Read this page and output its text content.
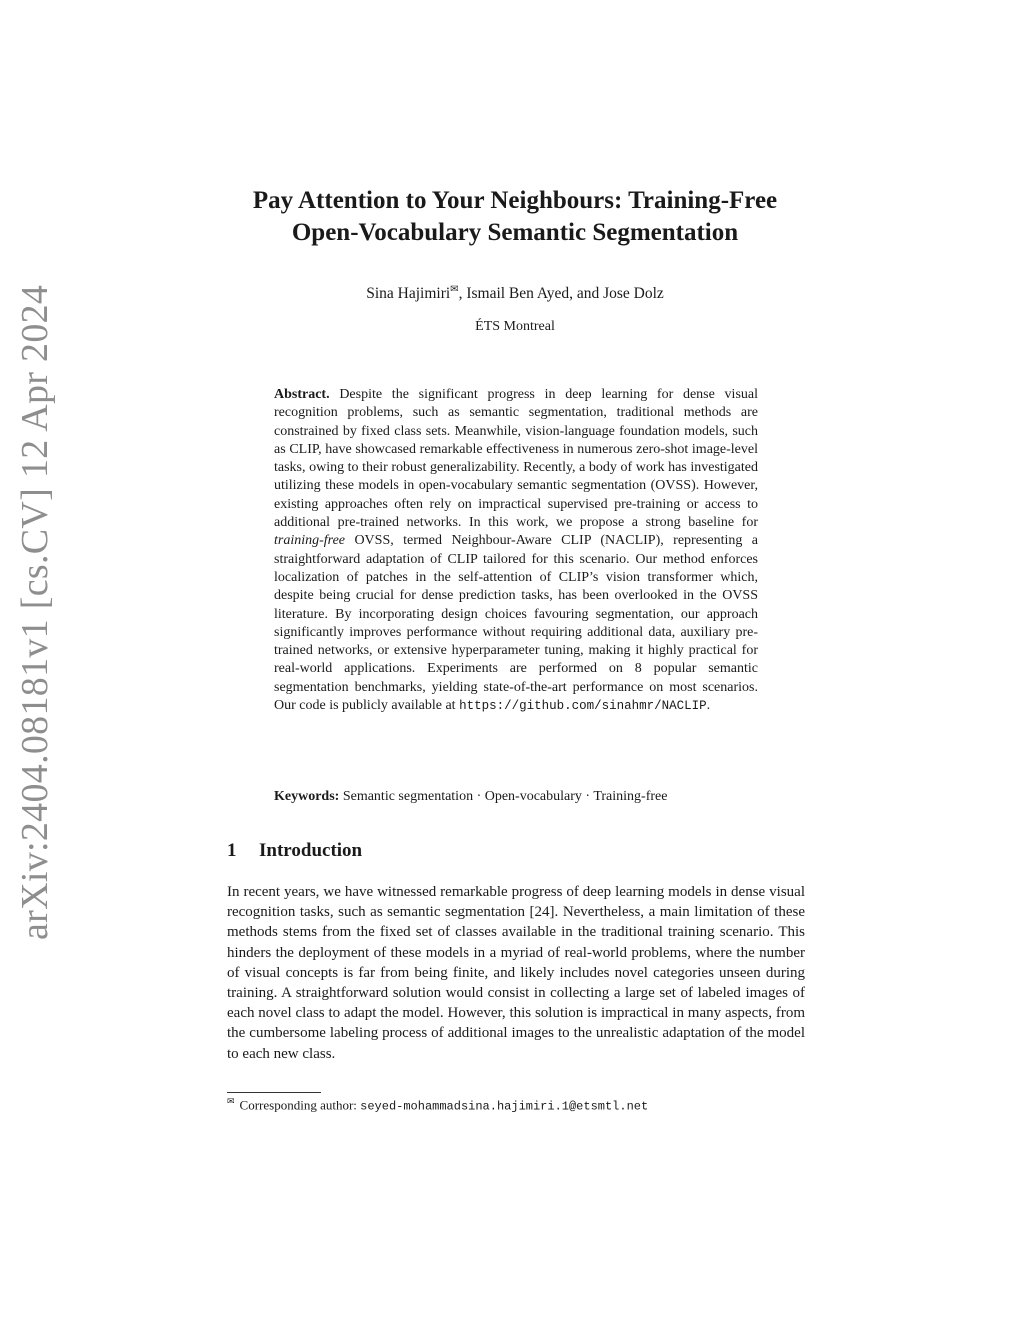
arXiv:2404.08181v1 [cs.CV] 12 Apr 2024
Pay Attention to Your Neighbours: Training-Free
Open-Vocabulary Semantic Segmentation
Sina Hajimiri✉, Ismail Ben Ayed, and Jose Dolz
ÉTS Montreal
Abstract. Despite the significant progress in deep learning for dense visual recognition problems, such as semantic segmentation, traditional methods are constrained by fixed class sets. Meanwhile, vision-language foundation models, such as CLIP, have showcased remarkable effectiveness in numerous zero-shot image-level tasks, owing to their robust generalizability. Recently, a body of work has investigated utilizing these models in open-vocabulary semantic segmentation (OVSS). However, existing approaches often rely on impractical supervised pre-training or access to additional pre-trained networks. In this work, we propose a strong baseline for training-free OVSS, termed Neighbour-Aware CLIP (NACLIP), representing a straightforward adaptation of CLIP tailored for this scenario. Our method enforces localization of patches in the self-attention of CLIP’s vision transformer which, despite being crucial for dense prediction tasks, has been overlooked in the OVSS literature. By incorporating design choices favouring segmentation, our approach significantly improves performance without requiring additional data, auxiliary pre-trained networks, or extensive hyperparameter tuning, making it highly practical for real-world applications. Experiments are performed on 8 popular semantic segmentation benchmarks, yielding state-of-the-art performance on most scenarios. Our code is publicly available at https://github.com/sinahmr/NACLIP.
Keywords: Semantic segmentation · Open-vocabulary · Training-free
1 Introduction
In recent years, we have witnessed remarkable progress of deep learning models in dense visual recognition tasks, such as semantic segmentation [24]. Nevertheless, a main limitation of these methods stems from the fixed set of classes available in the traditional training scenario. This hinders the deployment of these models in a myriad of real-world problems, where the number of visual concepts is far from being finite, and likely includes novel categories unseen during training. A straightforward solution would consist in collecting a large set of labeled images of each novel class to adapt the model. However, this solution is impractical in many aspects, from the cumbersome labeling process of additional images to the unrealistic adaptation of the model to each new class.
✉ Corresponding author: seyed-mohammadsina.hajimiri.1@etsmtl.net
